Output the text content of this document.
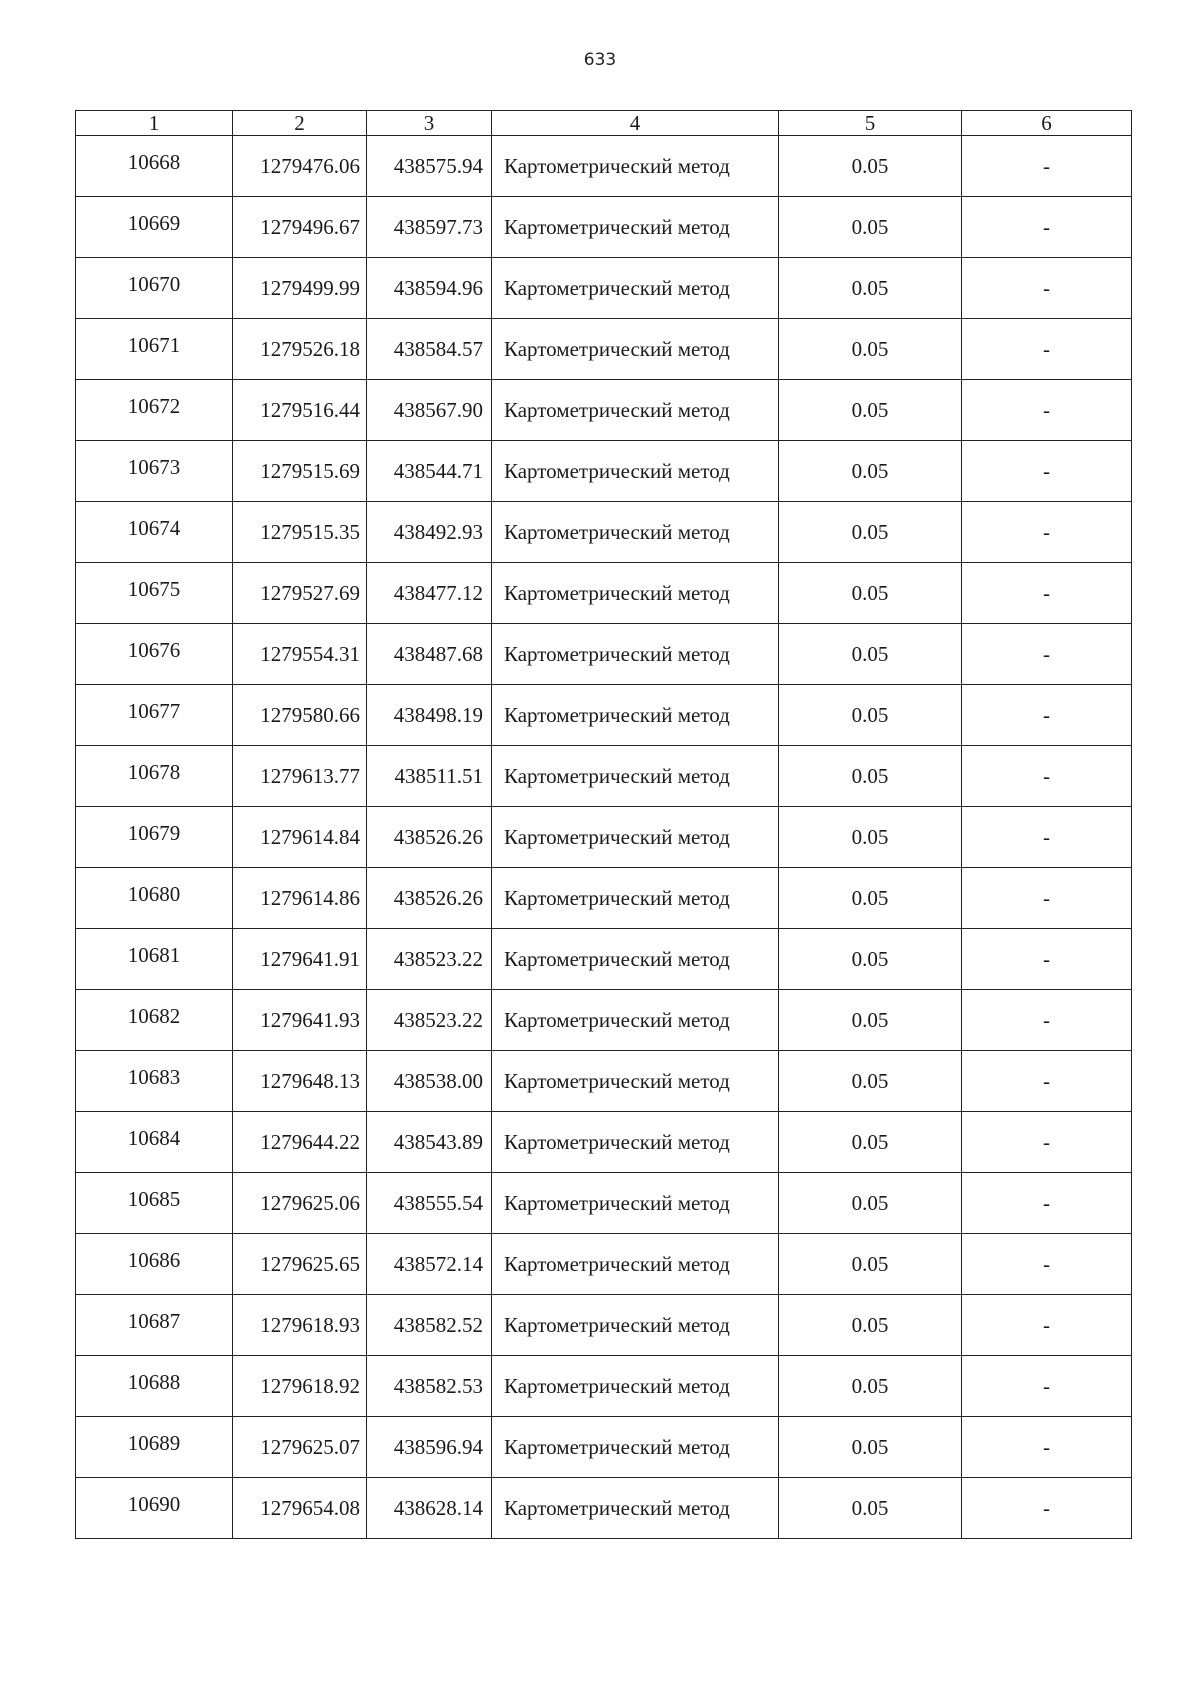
633
1	2	3	4	5	6
10668	1279476.06	438575.94	Картометрический метод	0.05	-
10669	1279496.67	438597.73	Картометрический метод	0.05	-
10670	1279499.99	438594.96	Картометрический метод	0.05	-
10671	1279526.18	438584.57	Картометрический метод	0.05	-
10672	1279516.44	438567.90	Картометрический метод	0.05	-
10673	1279515.69	438544.71	Картометрический метод	0.05	-
10674	1279515.35	438492.93	Картометрический метод	0.05	-
10675	1279527.69	438477.12	Картометрический метод	0.05	-
10676	1279554.31	438487.68	Картометрический метод	0.05	-
10677	1279580.66	438498.19	Картометрический метод	0.05	-
10678	1279613.77	438511.51	Картометрический метод	0.05	-
10679	1279614.84	438526.26	Картометрический метод	0.05	-
10680	1279614.86	438526.26	Картометрический метод	0.05	-
10681	1279641.91	438523.22	Картометрический метод	0.05	-
10682	1279641.93	438523.22	Картометрический метод	0.05	-
10683	1279648.13	438538.00	Картометрический метод	0.05	-
10684	1279644.22	438543.89	Картометрический метод	0.05	-
10685	1279625.06	438555.54	Картометрический метод	0.05	-
10686	1279625.65	438572.14	Картометрический метод	0.05	-
10687	1279618.93	438582.52	Картометрический метод	0.05	-
10688	1279618.92	438582.53	Картометрический метод	0.05	-
10689	1279625.07	438596.94	Картометрический метод	0.05	-
10690	1279654.08	438628.14	Картометрический метод	0.05	-
